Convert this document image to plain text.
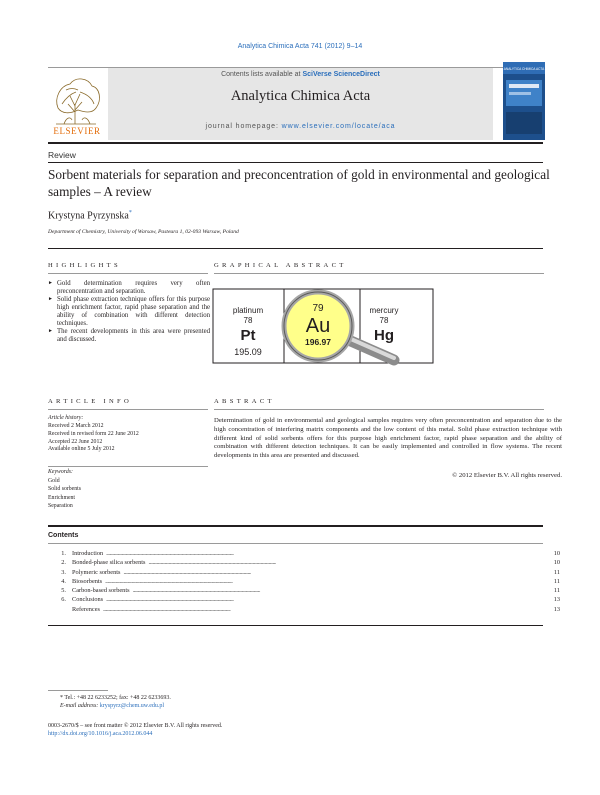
Analytica Chimica Acta 741 (2012) 9–14
ELSEVIER
Contents lists available at SciVerse ScienceDirect
Analytica Chimica Acta
journal homepage: www.elsevier.com/locate/aca
ANALYTICA CHIMICA ACTA
Review
Sorbent materials for separation and preconcentration of gold in environmental and geological samples – A review
Krystyna Pyrzynska*
Department of Chemistry, University of Warsaw, Pasteura 1, 02-093 Warsaw, Poland
HIGHLIGHTS
► Gold determination requires very often preconcentration and separation.
► Solid phase extraction technique offers for this purpose high enrichment factor, rapid phase separation and the ability of combination with different detection techniques.
► The recent developments in this area were presented and discussed.
GRAPHICAL ABSTRACT
platinum
78
Pt
195.09
mercury
78
Hg
79
Au
196.97
ARTICLE INFO
Article history:
Received 2 March 2012
Received in revised form 22 June 2012
Accepted 22 June 2012
Available online 5 July 2012
Keywords:
Gold
Solid sorbents
Enrichment
Separation
ABSTRACT
Determination of gold in environmental and geological samples requires very often preconcentration and separation due to the high concentration of interfering matrix components and the low content of this metal. Solid phase extraction technique with different kind of solid sorbents offers for this purpose high enrichment factor, rapid phase separation and the ability of combination with different detection techniques. It can be easily implemented and controlled in flow systems. The recent developments in this area are presented and discussed.
© 2012 Elsevier B.V. All rights reserved.
Contents
1. Introduction . . .	10
2. Bonded-phase silica sorbents . . .	10
3. Polymeric sorbents . . .	11
4. Biosorbents . . .	11
5. Carbon-based sorbents . . .	11
6. Conclusions . . .	13
References . . .	13
* Tel.: +48 22 6233252; fax: +48 22 6233693.
E-mail address: kryspyrz@chem.uw.edu.pl
0003-2670/$ – see front matter © 2012 Elsevier B.V. All rights reserved.
http://dx.doi.org/10.1016/j.aca.2012.06.044
